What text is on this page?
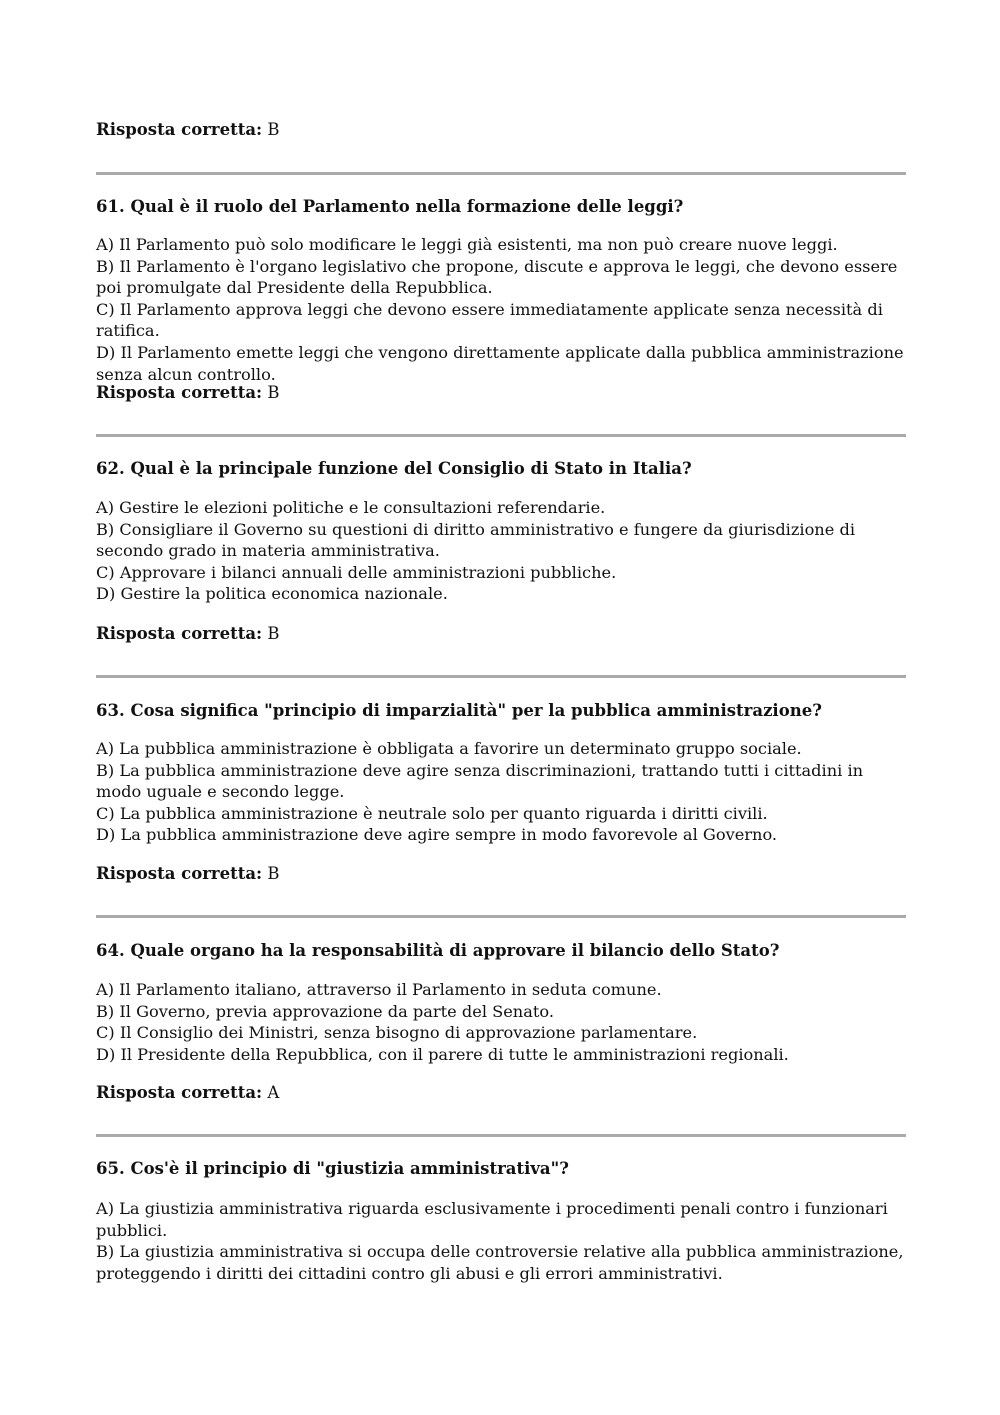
Risposta corretta: B
61. Qual è il ruolo del Parlamento nella formazione delle leggi?
A) Il Parlamento può solo modificare le leggi già esistenti, ma non può creare nuove leggi.
B) Il Parlamento è l'organo legislativo che propone, discute e approva le leggi, che devono essere poi promulgate dal Presidente della Repubblica.
C) Il Parlamento approva leggi che devono essere immediatamente applicate senza necessità di ratifica.
D) Il Parlamento emette leggi che vengono direttamente applicate dalla pubblica amministrazione senza alcun controllo.
Risposta corretta: B
62. Qual è la principale funzione del Consiglio di Stato in Italia?
A) Gestire le elezioni politiche e le consultazioni referendarie.
B) Consigliare il Governo su questioni di diritto amministrativo e fungere da giurisdizione di secondo grado in materia amministrativa.
C) Approvare i bilanci annuali delle amministrazioni pubbliche.
D) Gestire la politica economica nazionale.
Risposta corretta: B
63. Cosa significa "principio di imparzialità" per la pubblica amministrazione?
A) La pubblica amministrazione è obbligata a favorire un determinato gruppo sociale.
B) La pubblica amministrazione deve agire senza discriminazioni, trattando tutti i cittadini in modo uguale e secondo legge.
C) La pubblica amministrazione è neutrale solo per quanto riguarda i diritti civili.
D) La pubblica amministrazione deve agire sempre in modo favorevole al Governo.
Risposta corretta: B
64. Quale organo ha la responsabilità di approvare il bilancio dello Stato?
A) Il Parlamento italiano, attraverso il Parlamento in seduta comune.
B) Il Governo, previa approvazione da parte del Senato.
C) Il Consiglio dei Ministri, senza bisogno di approvazione parlamentare.
D) Il Presidente della Repubblica, con il parere di tutte le amministrazioni regionali.
Risposta corretta: A
65. Cos'è il principio di "giustizia amministrativa"?
A) La giustizia amministrativa riguarda esclusivamente i procedimenti penali contro i funzionari pubblici.
B) La giustizia amministrativa si occupa delle controversie relative alla pubblica amministrazione, proteggendo i diritti dei cittadini contro gli abusi e gli errori amministrativi.
